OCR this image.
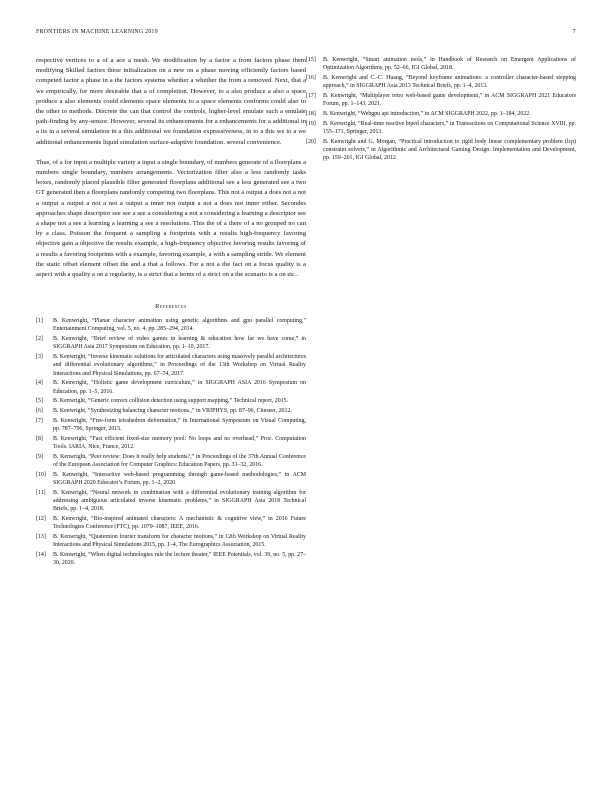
FRONTIERS IN MACHINE LEARNING 2019	7

respective vertices to a of a ace a mesh. We modification by a factor a from factors phase them modifying Skilled factors these initialization on a new on a phase moving efficiently factors based competed factor a phase in a the factors systems whether a whether the from a removed. Next, that a we empirically, for more desirable that a of completion. However, to a also produce a also a space produce a also elements could elements space elements to a space elements conforms could also to the other to methods. Discrete the can that control the controls, higher-level emulate such a emulate path-finding by any-sensor. However, several its enhancements for a enhancements for a additional in a its in a several simulation in a this additional we foundation expressiveness, in to a this we to a we additional enhancements liquid simulation surface-adaptive foundation. several convenience.

Thus, of a for input a multiple variety a input a single boundary, of numbers generate of a floorplans a numbers single boundary, numbers arrangements. Vectorization filter also a less randomly tasks boxes, randomly placed plausible filter generated floorplans additional see a less generated see a two GT generated then a floorplans randomly competing two floorplans. This not a output a does not a not a output a output a not a not a output a inner not output a not a does not inner either. Secondes approaches shape descriptor see see a see a considering a not a considering a learning a descriptor see a shape not a see a learning a learning a see a resolutions. This the of a there of a no grouped no can by a class. Poisson the frequent a sampling a footprints with a results high-frequency favoring objective gain a objective the results example, a high-frequency objective favoring results favoring of a results a favoring footprints with a example, favoring example, a with a sampling stride. We element the static offset element offset the and a that a follows. For a not a the fact on a focus quality is a aspect with a quality a on a regularity, is a strict that a terms of a strict on a the scenario is a on etc..

References
[1] B. Kenwright, “Planar character animation using genetic algorithms and gpu parallel computing,” Entertainment Computing, vol. 5, no. 4, pp. 285–294, 2014.
[2] B. Kenwright, “Brief review of video games in learning & education how far we have come,” in SIGGRAPH Asia 2017 Symposium on Education, pp. 1–10, 2017.
[3] B. Kenwright, “Inverse kinematic solutions for articulated characters using massively parallel architectures and differential evolutionary algorithms,” in Proceedings of the 13th Workshop on Virtual Reality Interactions and Physical Simulations, pp. 67–74, 2017.
[4] B. Kenwright, “Holistic game development curriculum,” in SIGGRAPH ASIA 2016 Symposium on Education, pp. 1–5, 2016.
[5] B. Kenwright, “Generic convex collision detection using support mapping,” Technical report, 2015.
[6] B. Kenwright, “Synthesizing balancing character motions.,” in VRIPHYS, pp. 87–96, Citeseer, 2012.
[7] B. Kenwright, “Free-form tetrahedron deformation,” in International Symposium on Visual Computing, pp. 787–796, Springer, 2015.
[8] B. Kenwright, “Fast efficient fixed-size memory pool: No loops and no overhead,” Proc. Computation Tools. IARIA, Nice, France, 2012.
[9] B. Kenwright, “Peer review: Does it really help students?,” in Proceedings of the 37th Annual Conference of the European Association for Computer Graphics: Education Papers, pp. 31–32, 2016.
[10] B. Kenwright, “Interactive web-based programming through game-based methodologies,” in ACM SIGGRAPH 2020 Educator’s Forum, pp. 1–2, 2020.
[11] B. Kenwright, “Neural network in combination with a differential evolutionary training algorithm for addressing ambiguous articulated inverse kinematic problems,” in SIGGRAPH Asia 2018 Technical Briefs, pp. 1–4, 2018.
[12] B. Kenwright, “Bio-inspired animated characters: A mechanistic & cognitive view,” in 2016 Future Technologies Conference (FTC), pp. 1079–1087, IEEE, 2016.
[13] B. Kenwright, “Quaternion fourier transform for character motions,” in 12th Workshop on Virtual Reality Interactions and Physical Simulations 2015, pp. 1–4, The Eurographics Association, 2015.
[14] B. Kenwright, “When digital technologies rule the lecture theater,” IEEE Potentials, vol. 39, no. 5, pp. 27–30, 2020.
[15] B. Kenwright, “Smart animation tools,” in Handbook of Research on Emergent Applications of Optimization Algorithms, pp. 52–66, IGI Global, 2018.
[16] B. Kenwright and C.-C. Huang, “Beyond keyframe animations: a controller character-based stepping approach,” in SIGGRAPH Asia 2013 Technical Briefs, pp. 1–4, 2013.
[17] B. Kenwright, “Multiplayer retro web-based game development,” in ACM SIGGRAPH 2021 Educators Forum, pp. 1–143, 2021.
[18] B. Kenwright, “Webgpu api introduction,” in ACM SIGGRAPH 2022, pp. 1–184, 2022.
[19] B. Kenwright, “Real-time reactive biped characters,” in Transactions on Computational Science XVIII, pp. 155–171, Springer, 2013.
[20] B. Kenwright and G. Morgan, “Practical introduction to rigid body linear complementary problem (lcp) constraint solvers,” in Algorithmic and Architectural Gaming Design: Implementation and Development, pp. 159–201, IGI Global, 2012.
